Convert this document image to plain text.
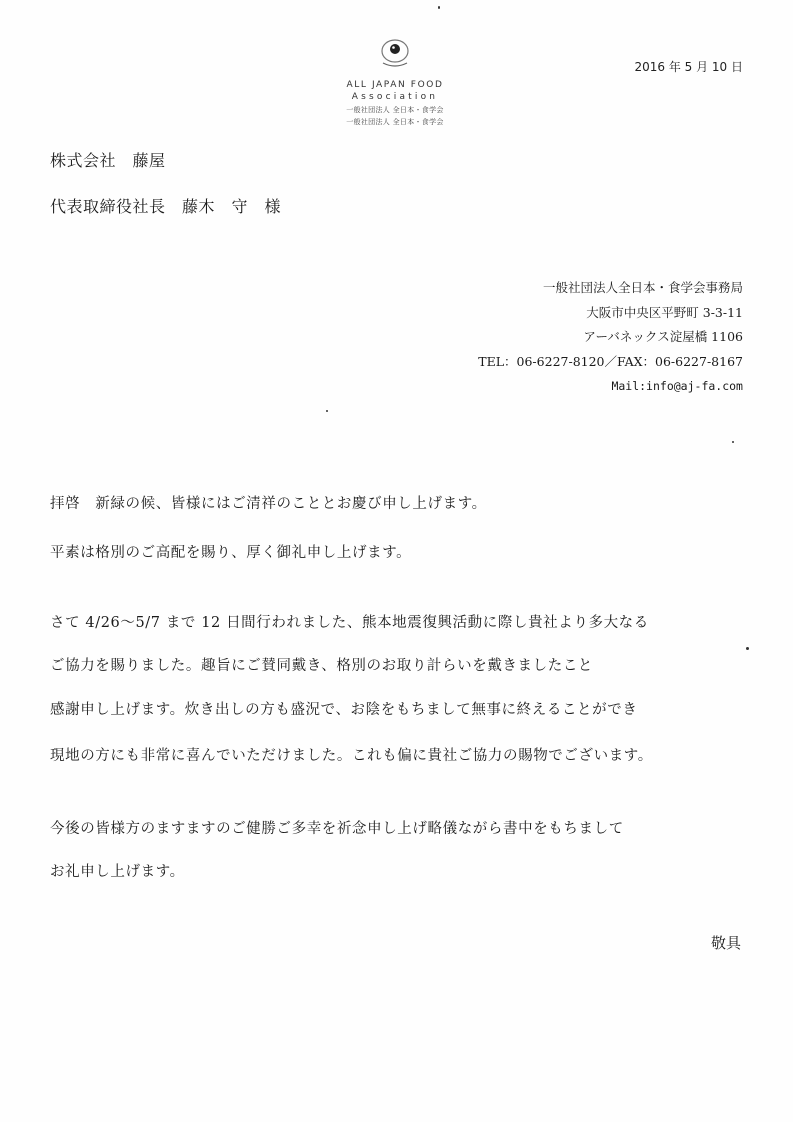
ALL JAPAN FOOD
Association
一般社団法人 全日本・食学会
一般社団法人 全日本・食学会
2016 年 5 月 10 日
株式会社　藤屋
代表取締役社長　藤木　守　様
一般社団法人全日本・食学会事務局
大阪市中央区平野町 3-3-11
アーバネックス淀屋橋 1106
TEL：06-6227-8120／FAX：06-6227-8167
Mail:info@aj-fa.com
拝啓　新緑の候、皆様にはご清祥のこととお慶び申し上げます。
平素は格別のご高配を賜り、厚く御礼申し上げます。
さて 4/26～5/7 まで 12 日間行われました、熊本地震復興活動に際し貴社より多大なる
ご協力を賜りました。趣旨にご賛同戴き、格別のお取り計らいを戴きましたこと
感謝申し上げます。炊き出しの方も盛況で、お陰をもちまして無事に終えることができ
現地の方にも非常に喜んでいただけました。これも偏に貴社ご協力の賜物でございます。
今後の皆様方のますますのご健勝ご多幸を祈念申し上げ略儀ながら書中をもちまして
お礼申し上げます。
敬具
